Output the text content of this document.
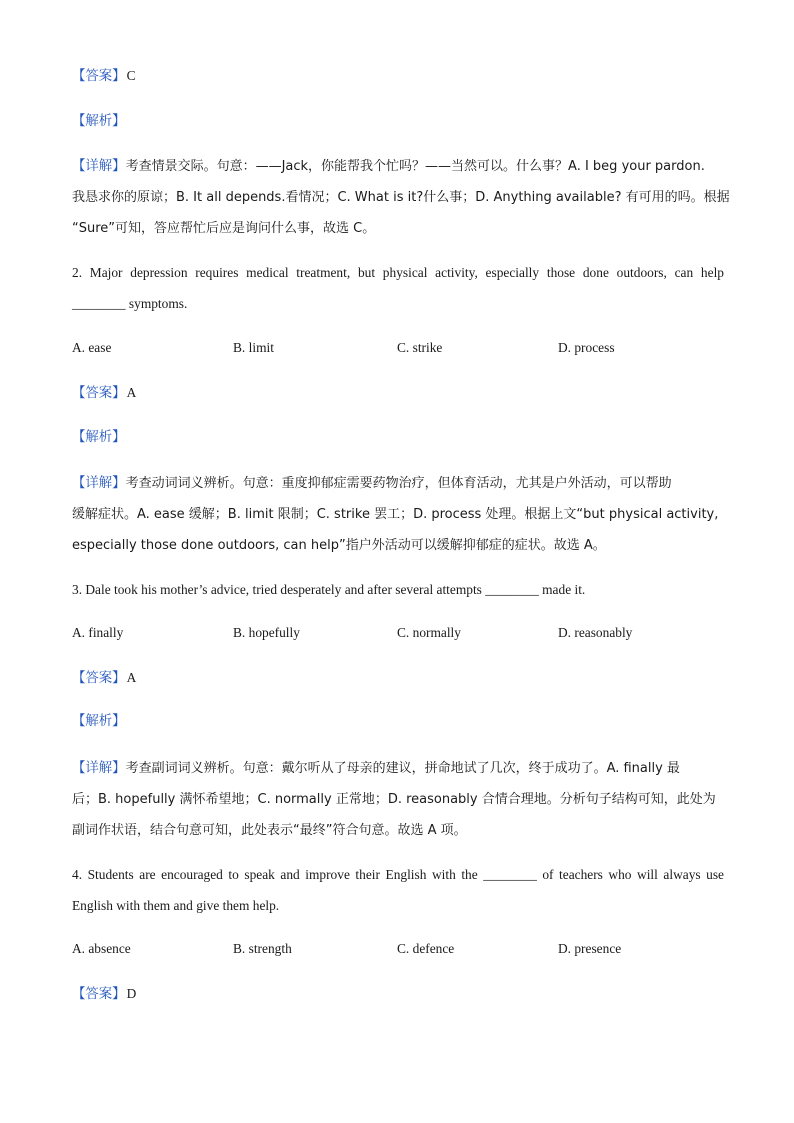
【答案】C
【解析】
【详解】考查情景交际。句意：——Jack，你能帮我个忙吗？——当然可以。什么事？A. I beg your pardon.
我恳求你的原谅；B. It all depends.看情况；C. What is it?什么事；D. Anything available? 有可用的吗。根据
“Sure”可知，答应帮忙后应是询问什么事，故选 C。
2. Major depression requires medical treatment, but physical activity, especially those done outdoors, can help
________ symptoms.
A. ease	B. limit	C. strike	D. process
【答案】A
【解析】
【详解】考查动词词义辨析。句意：重度抑郁症需要药物治疗，但体育活动，尤其是户外活动，可以帮助
缓解症状。A. ease 缓解；B. limit 限制；C. strike 罢工；D. process 处理。根据上文“but physical activity,
especially those done outdoors, can help”指户外活动可以缓解抑郁症的症状。故选 A。
3. Dale took his mother’s advice, tried desperately and after several attempts ________ made it.
A. finally	B. hopefully	C. normally	D. reasonably
【答案】A
【解析】
【详解】考查副词词义辨析。句意：戴尔听从了母亲的建议，拼命地试了几次，终于成功了。A. finally 最
后；B. hopefully 满怀希望地；C. normally 正常地；D. reasonably 合情合理地。分析句子结构可知，此处为
副词作状语，结合句意可知，此处表示“最终”符合句意。故选 A 项。
4. Students are encouraged to speak and improve their English with the ________ of teachers who will always use
English with them and give them help.
A. absence	B. strength	C. defence	D. presence
【答案】D
